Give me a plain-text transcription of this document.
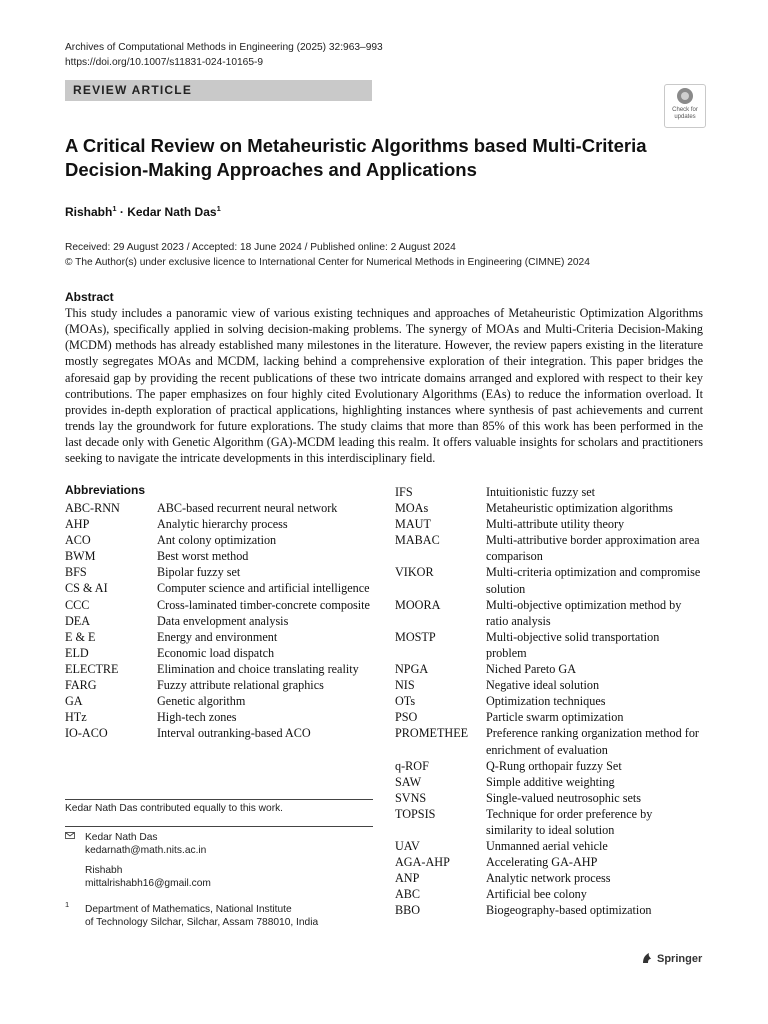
Archives of Computational Methods in Engineering (2025) 32:963–993
https://doi.org/10.1007/s11831-024-10165-9
REVIEW ARTICLE
Check for
updates
A Critical Review on Metaheuristic Algorithms based Multi-Criteria Decision-Making Approaches and Applications
Rishabh$^1$ · Kedar Nath Das$^1$
Received: 29 August 2023 / Accepted: 18 June 2024 / Published online: 2 August 2024
© The Author(s) under exclusive licence to International Center for Numerical Methods in Engineering (CIMNE) 2024
Abstract
This study includes a panoramic view of various existing techniques and approaches of Metaheuristic Optimization Algorithms (MOAs), specifically applied in solving decision-making problems. The synergy of MOAs and Multi-Criteria Decision-Making (MCDM) methods has already established many milestones in the literature. However, the review papers existing in the literature mostly segregates MOAs and MCDM, lacking behind a comprehensive exploration of their integration. This paper bridges the aforesaid gap by providing the recent publications of these two intricate domains arranged and explored with respect to their key contributions. The paper emphasizes on four highly cited Evolutionary Algorithms (EAs) to reduce the information overload. It provides in-depth exploration of practical applications, highlighting instances where synthesis of past achievements and current trends lay the groundwork for future explorations. The study claims that more than 85% of this work has been performed in the last decade only with Genetic Algorithm (GA)-MCDM leading this realm. It offers valuable insights for scholars and practitioners seeking to navigate the intricate developments in this interdisciplinary field.
Abbreviations
ABC-RNN	ABC-based recurrent neural network
AHP	Analytic hierarchy process
ACO	Ant colony optimization
BWM	Best worst method
BFS	Bipolar fuzzy set
CS & AI	Computer science and artificial intelligence
CCC	Cross-laminated timber-concrete composite
DEA	Data envelopment analysis
E & E	Energy and environment
ELD	Economic load dispatch
ELECTRE	Elimination and choice translating reality
FARG	Fuzzy attribute relational graphics
GA	Genetic algorithm
HTz	High-tech zones
IO-ACO	Interval outranking-based ACO
IFS	Intuitionistic fuzzy set
MOAs	Metaheuristic optimization algorithms
MAUT	Multi-attribute utility theory
MABAC	Multi-attributive border approximation area comparison
VIKOR	Multi-criteria optimization and compromise solution
MOORA	Multi-objective optimization method by ratio analysis
MOSTP	Multi-objective solid transportation problem
NPGA	Niched Pareto GA
NIS	Negative ideal solution
OTs	Optimization techniques
PSO	Particle swarm optimization
PROMETHEE	Preference ranking organization method for enrichment of evaluation
q-ROF	Q-Rung orthopair fuzzy Set
SAW	Simple additive weighting
SVNS	Single-valued neutrosophic sets
TOPSIS	Technique for order preference by similarity to ideal solution
UAV	Unmanned aerial vehicle
AGA-AHP	Accelerating GA-AHP
ANP	Analytic network process
ABC	Artificial bee colony
BBO	Biogeography-based optimization
Kedar Nath Das contributed equally to this work.
Kedar Nath Das
kedarnath@math.nits.ac.in
Rishabh
mittalrishabh16@gmail.com
1 Department of Mathematics, National Institute
of Technology Silchar, Silchar, Assam 788010, India
Springer
